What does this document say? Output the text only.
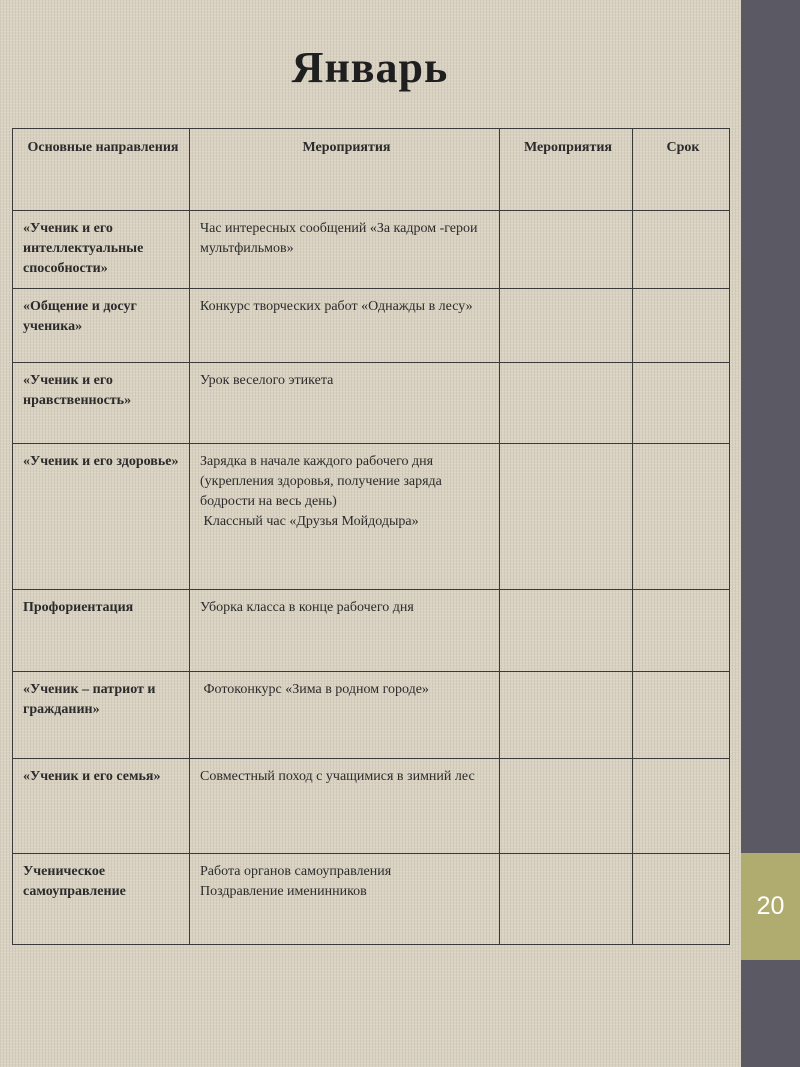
20
Январь
Основные направления	Мероприятия	Мероприятия	Срок
«Ученик и его интеллектуальные способности»	Час интересных сообщений «За кадром -герои мультфильмов»		
«Общение и досуг ученика»	Конкурс творческих работ «Однажды в лесу»		
«Ученик и его нравственность»	Урок веселого этикета		
«Ученик и его здоровье»	Зарядка в начале каждого рабочего дня (укрепления здоровья, получение заряда бодрости на весь день)
Классный час «Друзья Мойдодыра»		
Профориентация	Уборка класса в конце рабочего дня		
«Ученик – патриот и гражданин»	Фотоконкурс «Зима в родном городе»		
«Ученик и его семья»	Совместный поход с учащимися в зимний лес		
Ученическое самоуправление	Работа органов самоуправления
Поздравление именинников		
